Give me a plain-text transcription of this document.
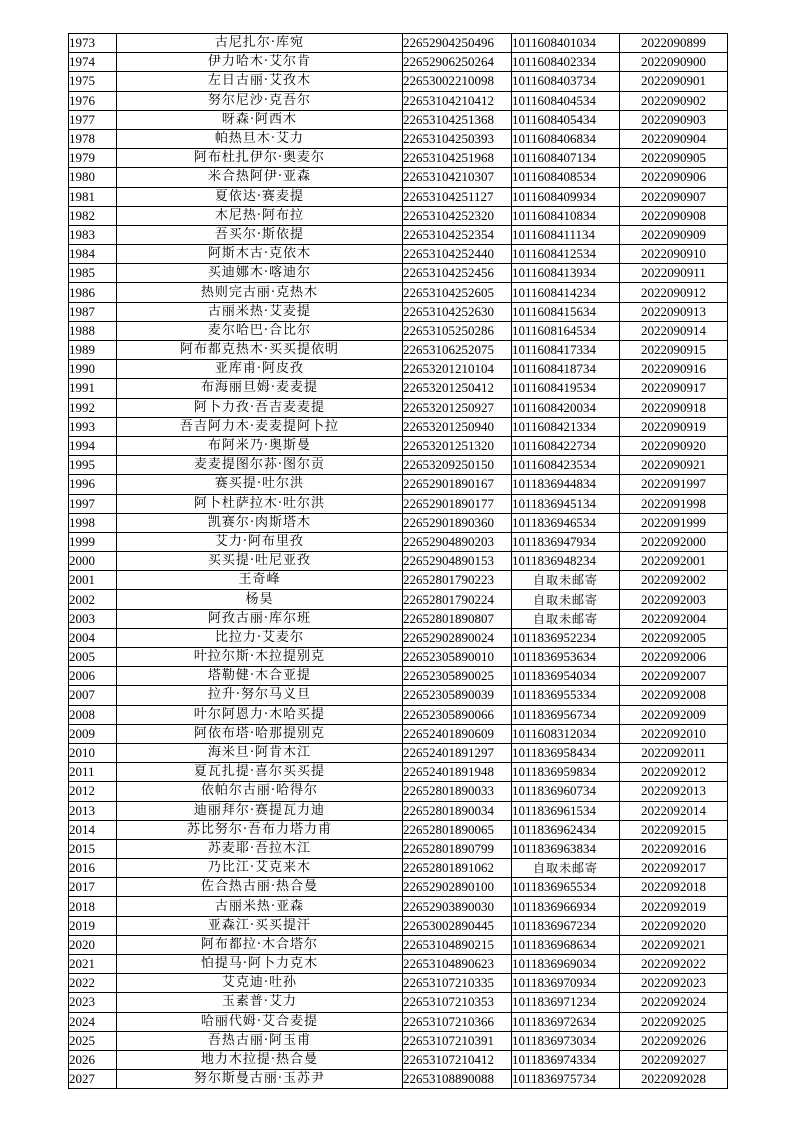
1973	古尼扎尔·库宛	22652904250496	1011608401034	2022090899
1974	伊力哈木·艾尔肯	22652906250264	1011608402334	2022090900
1975	左日古丽·艾孜木	22653002210098	1011608403734	2022090901
1976	努尔尼沙·克吾尔	22653104210412	1011608404534	2022090902
1977	呀森·阿西木	22653104251368	1011608405434	2022090903
1978	帕热旦木·艾力	22653104250393	1011608406834	2022090904
1979	阿布杜扎伊尔·奥麦尔	22653104251968	1011608407134	2022090905
1980	米合热阿伊·亚森	22653104210307	1011608408534	2022090906
1981	夏依达·赛麦提	22653104251127	1011608409934	2022090907
1982	木尼热·阿布拉	22653104252320	1011608410834	2022090908
1983	吾买尔·斯依提	22653104252354	1011608411134	2022090909
1984	阿斯木古·克依木	22653104252440	1011608412534	2022090910
1985	买迪娜木·喀迪尔	22653104252456	1011608413934	2022090911
1986	热则完古丽·克热木	22653104252605	1011608414234	2022090912
1987	古丽米热·艾麦提	22653104252630	1011608415634	2022090913
1988	麦尔哈巴·合比尔	22653105250286	1011608164534	2022090914
1989	阿布都克热木·买买提依明	22653106252075	1011608417334	2022090915
1990	亚库甫·阿皮孜	22653201210104	1011608418734	2022090916
1991	布海丽旦姆·麦麦提	22653201250412	1011608419534	2022090917
1992	阿卜力孜·吾吉麦麦提	22653201250927	1011608420034	2022090918
1993	吾吉阿力木·麦麦提阿卜拉	22653201250940	1011608421334	2022090919
1994	布阿米乃·奥斯曼	22653201251320	1011608422734	2022090920
1995	麦麦提图尔荪·图尔贡	22653209250150	1011608423534	2022090921
1996	赛买提·吐尔洪	22652901890167	1011836944834	2022091997
1997	阿卜杜萨拉木·吐尔洪	22652901890177	1011836945134	2022091998
1998	凯赛尔·肉斯塔木	22652901890360	1011836946534	2022091999
1999	艾力·阿布里孜	22652904890203	1011836947934	2022092000
2000	买买提·吐尼亚孜	22652904890153	1011836948234	2022092001
2001	王奇峰	22652801790223	自取未邮寄	2022092002
2002	杨昊	22652801790224	自取未邮寄	2022092003
2003	阿孜古丽·库尔班	22652801890807	自取未邮寄	2022092004
2004	比拉力·艾麦尔	22652902890024	1011836952234	2022092005
2005	叶拉尔斯·木拉提别克	22652305890010	1011836953634	2022092006
2006	塔勒健·木合亚提	22652305890025	1011836954034	2022092007
2007	拉升·努尔马义旦	22652305890039	1011836955334	2022092008
2008	叶尔阿恩力·木哈买提	22652305890066	1011836956734	2022092009
2009	阿依布塔·哈那提别克	22652401890609	1011608312034	2022092010
2010	海米旦·阿肯木江	22652401891297	1011836958434	2022092011
2011	夏瓦扎提·喜尔买买提	22652401891948	1011836959834	2022092012
2012	依帕尔古丽·哈得尔	22652801890033	1011836960734	2022092013
2013	迪丽拜尔·赛提瓦力迪	22652801890034	1011836961534	2022092014
2014	苏比努尔·吾布力塔力甫	22652801890065	1011836962434	2022092015
2015	苏麦耶·吾拉木江	22652801890799	1011836963834	2022092016
2016	乃比江·艾克来木	22652801891062	自取未邮寄	2022092017
2017	佐合热古丽·热合曼	22652902890100	1011836965534	2022092018
2018	古丽米热·亚森	22652903890030	1011836966934	2022092019
2019	亚森江·买买提汗	22653002890445	1011836967234	2022092020
2020	阿布都拉·木合塔尔	22653104890215	1011836968634	2022092021
2021	怕提马·阿卜力克木	22653104890623	1011836969034	2022092022
2022	艾克迪·吐孙	22653107210335	1011836970934	2022092023
2023	玉素普·艾力	22653107210353	1011836971234	2022092024
2024	哈丽代姆·艾合麦提	22653107210366	1011836972634	2022092025
2025	吾热古丽·阿玉甫	22653107210391	1011836973034	2022092026
2026	地力木拉提·热合曼	22653107210412	1011836974334	2022092027
2027	努尔斯曼古丽·玉苏尹	22653108890088	1011836975734	2022092028
